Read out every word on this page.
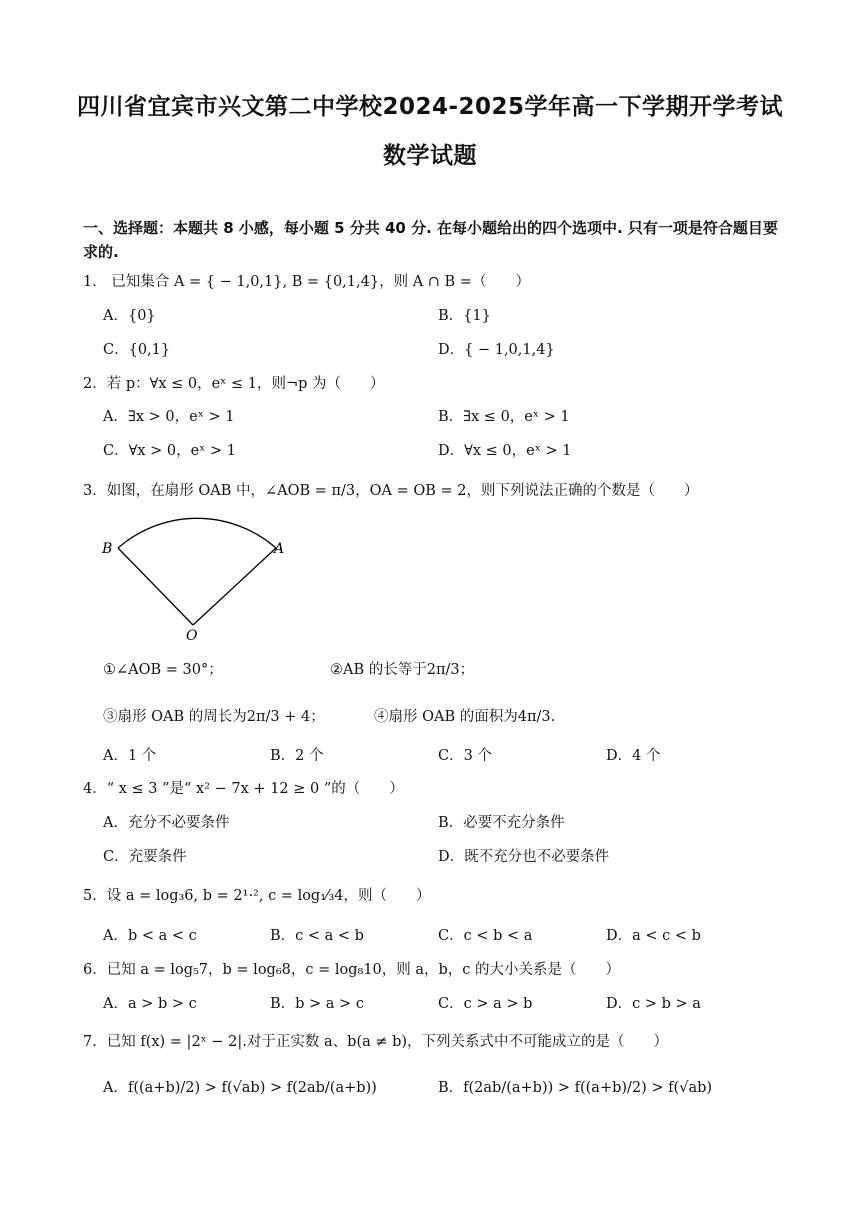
四川省宜宾市兴文第二中学校2024-2025学年高一下学期开学考试
数学试题
一、选择题：本题共 8 小感，每小题 5 分共 40 分. 在每小题给出的四个选项中. 只有一项是符合题目要求的.
1． 已知集合 A = { − 1,0,1}, B = {0,1,4}，则 A ∩ B =（　　）
A．{0}	B．{1}
C．{0,1}	D．{ − 1,0,1,4}
2．若 p：∀x ≤ 0，eˣ ≤ 1，则¬p 为（　　）
A．∃x > 0，eˣ > 1	B．∃x ≤ 0，eˣ > 1
C．∀x > 0，eˣ > 1	D．∀x ≤ 0，eˣ > 1
3．如图，在扇形 OAB 中，∠AOB = π/3，OA = OB = 2，则下列说法正确的个数是（　　）
B	A
O
①∠AOB = 30°；	②AB 的长等于2π/3；
③扇形 OAB 的周长为2π/3 + 4；	④扇形 OAB 的面积为4π/3.
A．1 个	B．2 个	C．3 个	D．4 个
4．“ x ≤ 3 ”是“ x² − 7x + 12 ≥ 0 ”的（　　）
A．充分不必要条件	B．必要不充分条件
C．充要条件	D．既不充分也不必要条件
5．设 a = log₃6, b = 2¹·², c = log₁⁄₃4，则（　　）
A．b < a < c	B．c < a < b	C．c < b < a	D．a < c < b
6．已知 a = log₅7，b = log₆8，c = log₈10，则 a，b，c 的大小关系是（　　）
A．a > b > c	B．b > a > c	C．c > a > b	D．c > b > a
7．已知 f(x) = |2ˣ − 2|.对于正实数 a、b(a ≠ b)，下列关系式中不可能成立的是（　　）
A．f((a+b)/2) > f(√ab) > f(2ab/(a+b))	B．f(2ab/(a+b)) > f((a+b)/2) > f(√ab)
